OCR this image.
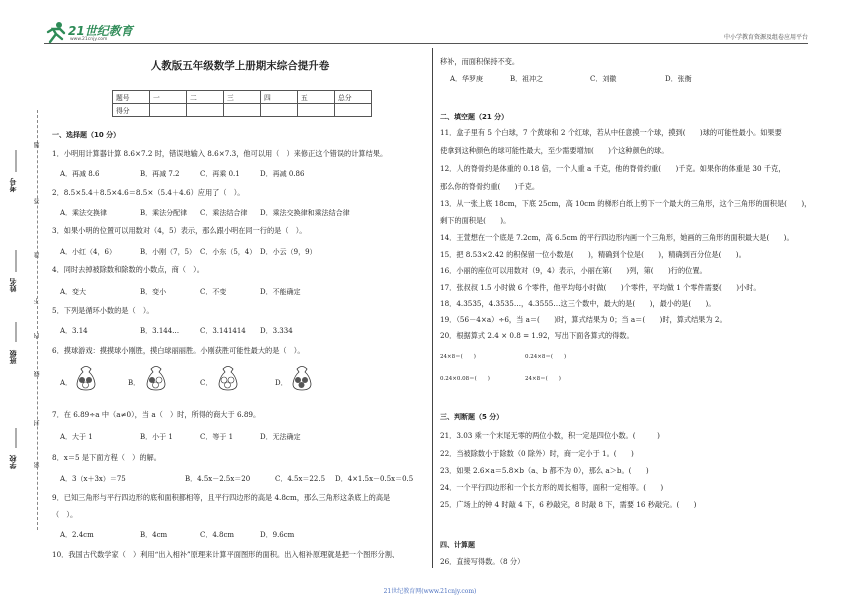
21世纪教育
www.21cnjy.com	中小学教育资源及组卷应用平台
考号
姓名
班级
学校
题
答
准
不
内
线
封
密
人教版五年级数学上册期末综合提升卷
题号	一	二	三	四	五	总分
得分						
一、选择题（10 分）
1．小明用计算器计算 8.6×7.2 时，错误地输入 8.6×7.3，他可以用（　）来修正这个错误的计算结果。
A．再减 8.6	B．再减 7.2	C．再乘 0.1	D．再减 0.86
2．8.5×5.4＋8.5×4.6＝8.5×（5.4＋4.6）应用了（　）。
A．乘法交换律	B．乘法分配律 C．乘法结合律 D．乘法交换律和乘法结合律
3．如果小明的位置可以用数对（4，5）表示，那么跟小明在同一行的是（　）。
A．小红（4，6）	B．小刚（7，5） C．小东（5，4） D．小云（9，9）
4．同时去掉被除数和除数的小数点，商（　）。
A．变大	B．变小	C．不变	D．不能确定
5．下列是循环小数的是（　）。
A．3.14	B．3.144…	C．3.141414 D．3.334
6．摸球游戏：摸摸球小刚胜，摸白球丽丽胜。小刚获胜可能性最大的是（　）。
A．	B．	C．	D．
7．在 6.89÷a 中（a≠0），当 a（　）时，所得的商大于 6.89。
A．大于 1	B．小于 1	C．等于 1	D．无法确定
8．x＝5 是下面方程（　）的解。
A．3（x＋3x）＝75	B．4.5x－2.5x＝20	C．4.5x＝22.5 D．4×1.5x－0.5x＝0.5
9．已知三角形与平行四边形的底和面积都相等，且平行四边形的高是 4.8cm，那么三角形这条底上的高是
（　）。
A．2.4cm	B．4cm	C．4.8cm	D．9.6cm
10．我国古代数学家（　）利用“出入相补”原理来计算平面图形的面积。出入相补原理就是把一个图形分割、
移补，而面积保持不变。
A．华罗庚	B．祖冲之	C．刘徽	D．张衡
二、填空题（21 分）
11．盒子里有 5 个白球，7 个黄球和 2 个红球，若从中任意摸一个球，摸到(　　)球的可能性最小。如果要
使拿到这种颜色的球可能性最大，至少需要增加(　　)个这种颜色的球。
12．人的脊骨约是体重的 0.18 倍，一个人重 a 千克，他的脊骨约重(　　)千克。如果你的体重是 30 千克，
那么你的脊骨约重(　　)千克。
13．从一张上底 18cm，下底 25cm，高 10cm 的梯形白纸上剪下一个最大的三角形，这个三角形的面积是(　　)，
剩下的面积是(　　)。
14．王萱想在一个底是 7.2cm，高 6.5cm 的平行四边形内画一个三角形，她画的三角形的面积最大是(　　)。
15．把 8.53×2.42 的积保留一位小数是(　　)，精确到个位是(　　)，精确到百分位是(　　)。
16．小丽的座位可以用数对（9，4）表示，小丽在第(　　)列，第(　　)行的位置。
17．张叔叔 1.5 小时做 6 个零件，他平均每小时做(　　)个零件，平均做 1 个零件需要(　　)小时。
18．4.3535，4.3535…，4.3555…这三个数中，最大的是(　　)，最小的是(　　)。
19．（56－4×a）÷6，当 a＝(　　)时，算式结果为 0；当 a＝(　　)时，算式结果为 2。
20．根据算式 2.4 × 0.8 = 1.92，写出下面各算式的得数。
24×8＝(　　)	0.24×8＝(　　)
0.24×0.08＝(　　)	24×8＝(　　)
三、判断题（5 分）
21．3.03 乘一个末尾无零的两位小数，积一定是四位小数。(　　　)
22．当被除数小于除数（0 除外）时，商一定小于 1。(　　)
23．如果 2.6×a＝5.8×b（a、b 都不为 0），那么 a＞b。(　　)
24．一个平行四边形和一个长方形的周长相等，面积一定相等。(　　)
25．广场上的钟 4 时敲 4 下，6 秒敲完，8 时敲 8 下，需要 16 秒敲完。(　　)
四、计算题
26．直接写得数。（8 分）
21世纪教育网(www.21cnjy.com)
